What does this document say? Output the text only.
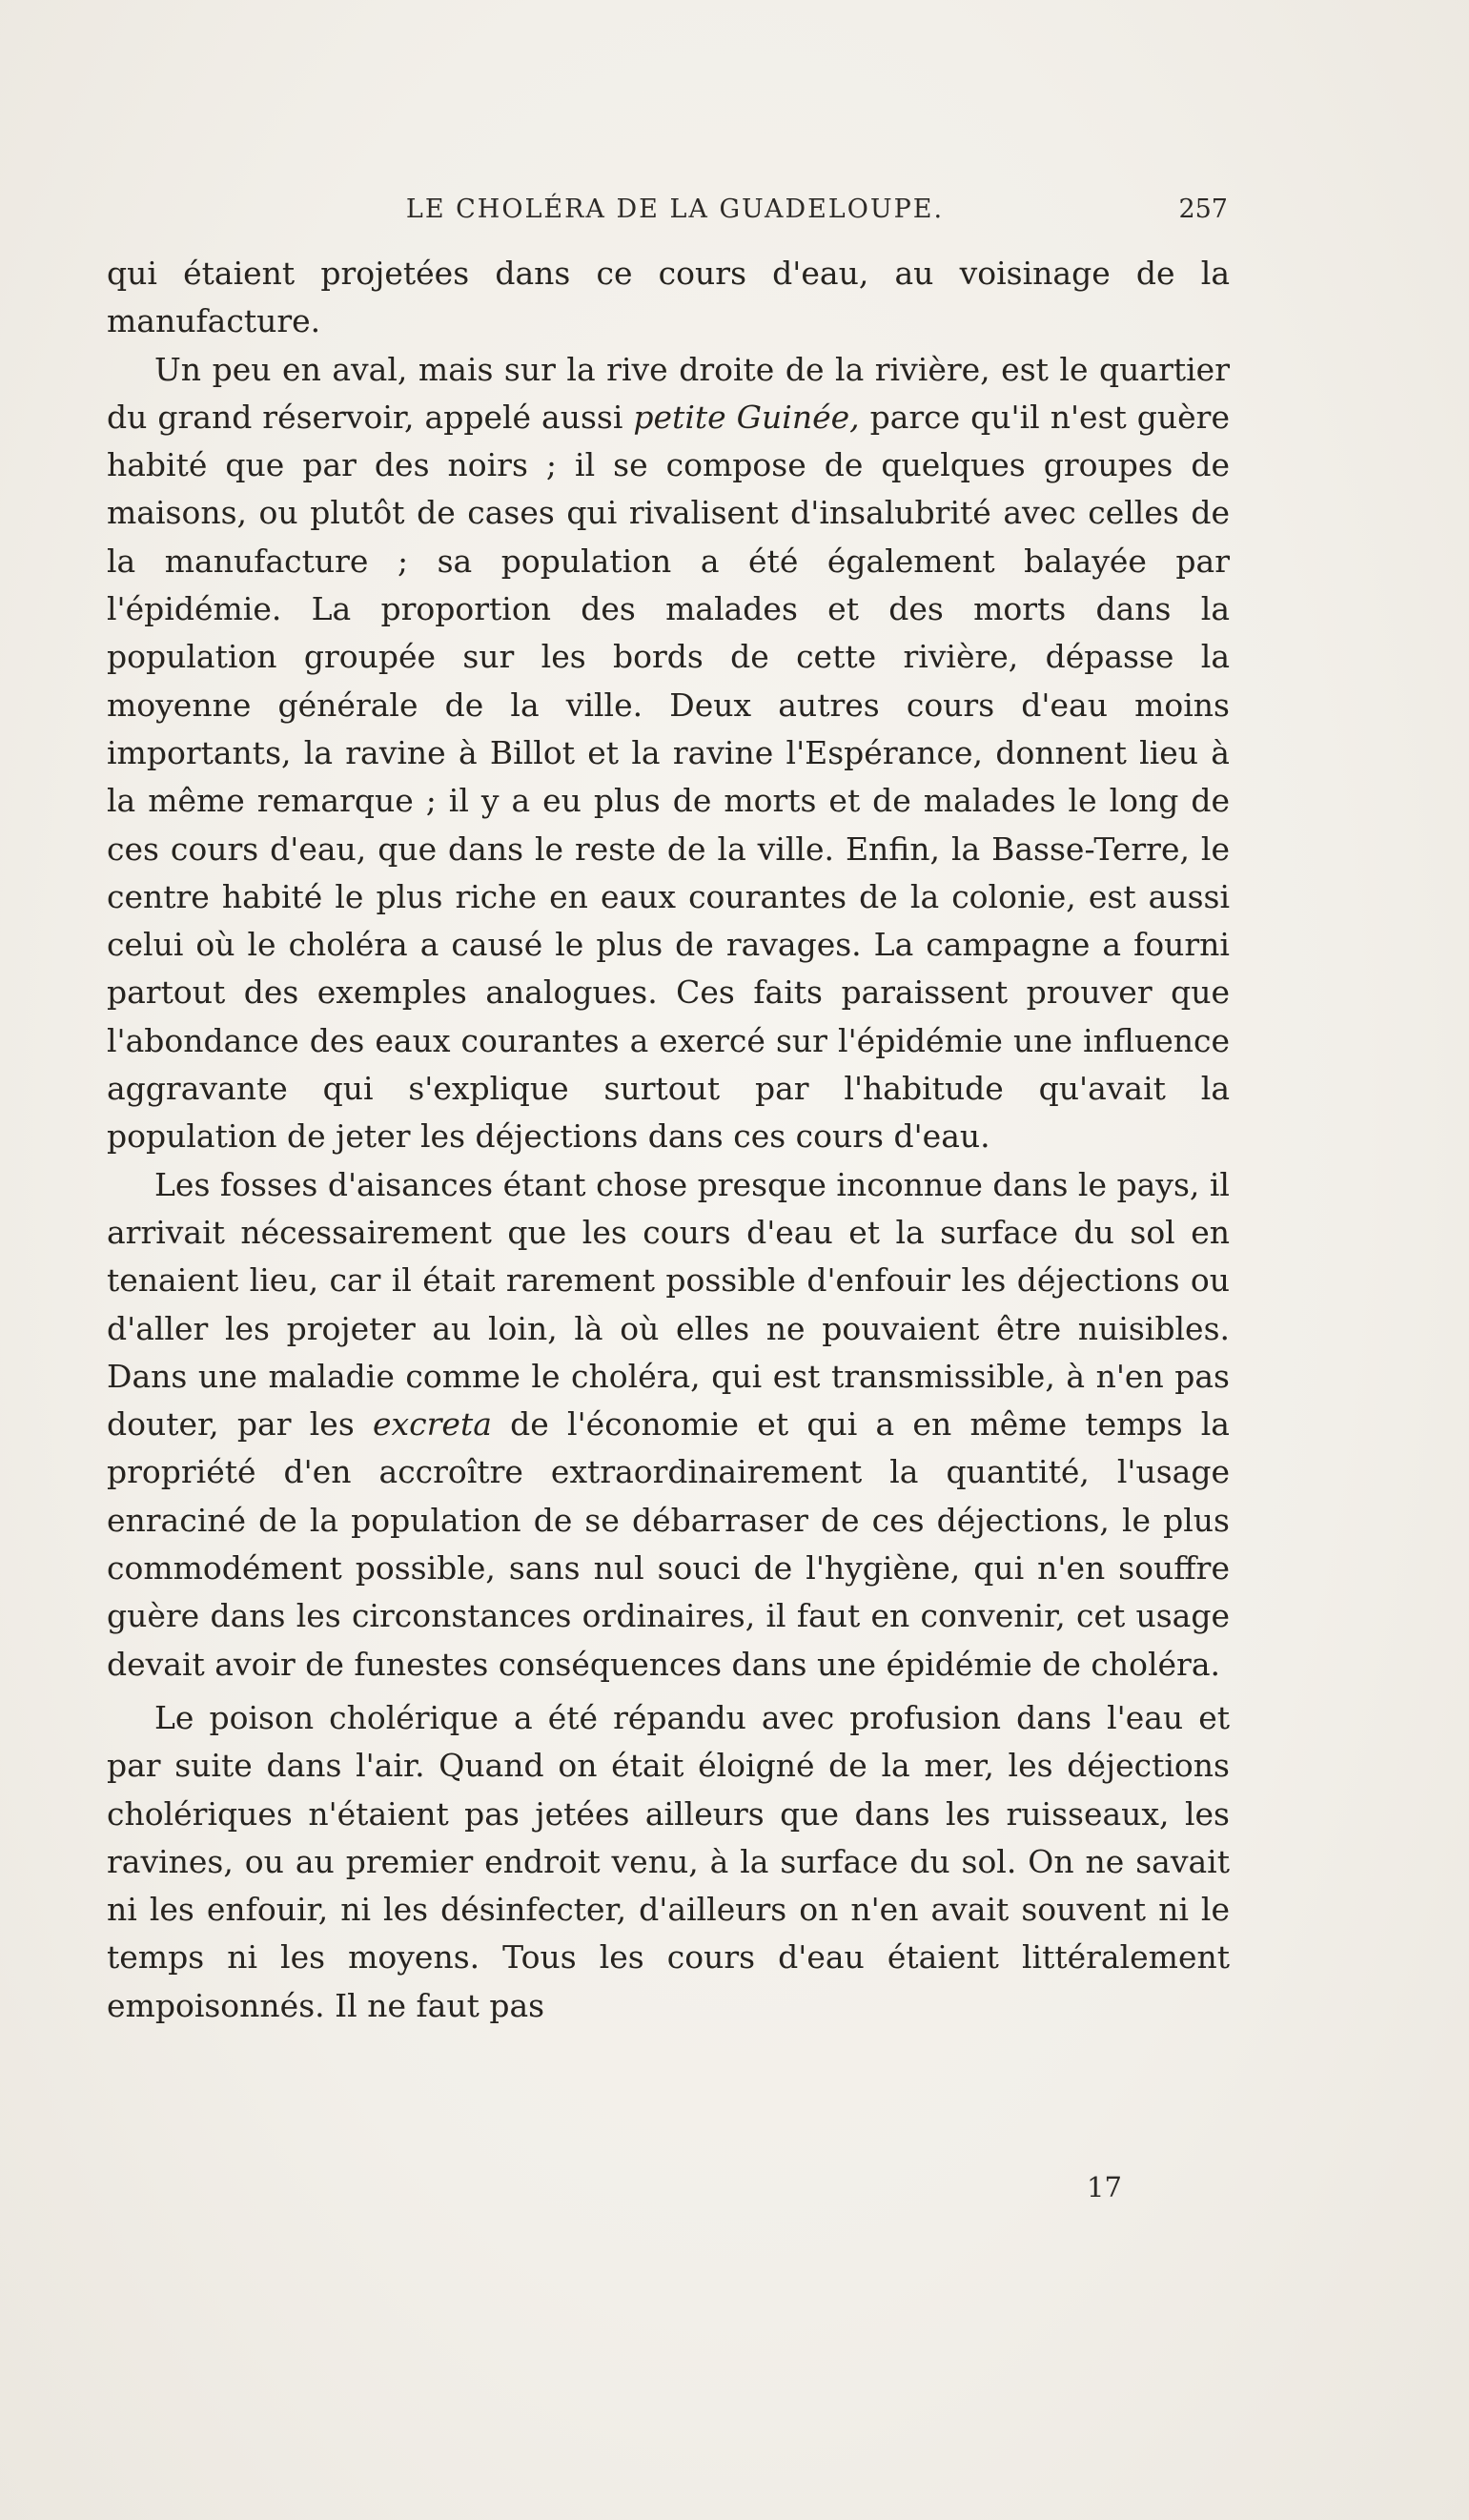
LE CHOLÉRA DE LA GUADELOUPE.	257

qui étaient projetées dans ce cours d'eau, au voisinage de la manufacture.

Un peu en aval, mais sur la rive droite de la rivière, est le quartier du grand réservoir, appelé aussi petite Guinée, parce qu'il n'est guère habité que par des noirs ; il se compose de quelques groupes de maisons, ou plutôt de cases qui rivalisent d'insalubrité avec celles de la manufacture ; sa population a été également balayée par l'épidémie. La proportion des malades et des morts dans la population groupée sur les bords de cette rivière, dépasse la moyenne générale de la ville. Deux autres cours d'eau moins importants, la ravine à Billot et la ravine l'Espérance, donnent lieu à la même remarque ; il y a eu plus de morts et de malades le long de ces cours d'eau, que dans le reste de la ville. Enfin, la Basse-Terre, le centre habité le plus riche en eaux courantes de la colonie, est aussi celui où le choléra a causé le plus de ravages. La campagne a fourni partout des exemples analogues. Ces faits paraissent prouver que l'abondance des eaux courantes a exercé sur l'épidémie une influence aggravante qui s'explique surtout par l'habitude qu'avait la population de jeter les déjections dans ces cours d'eau.

Les fosses d'aisances étant chose presque inconnue dans le pays, il arrivait nécessairement que les cours d'eau et la surface du sol en tenaient lieu, car il était rarement possible d'enfouir les déjections ou d'aller les projeter au loin, là où elles ne pouvaient être nuisibles. Dans une maladie comme le choléra, qui est transmissible, à n'en pas douter, par les excreta de l'économie et qui a en même temps la propriété d'en accroître extraordinairement la quantité, l'usage enraciné de la population de se débarraser de ces déjections, le plus commodément possible, sans nul souci de l'hygiène, qui n'en souffre guère dans les circonstances ordinaires, il faut en convenir, cet usage devait avoir de funestes conséquences dans une épidémie de choléra.

Le poison cholérique a été répandu avec profusion dans l'eau et par suite dans l'air. Quand on était éloigné de la mer, les déjections cholériques n'étaient pas jetées ailleurs que dans les ruisseaux, les ravines, ou au premier endroit venu, à la surface du sol. On ne savait ni les enfouir, ni les désinfecter, d'ailleurs on n'en avait souvent ni le temps ni les moyens. Tous les cours d'eau étaient littéralement empoisonnés. Il ne faut pas

17
